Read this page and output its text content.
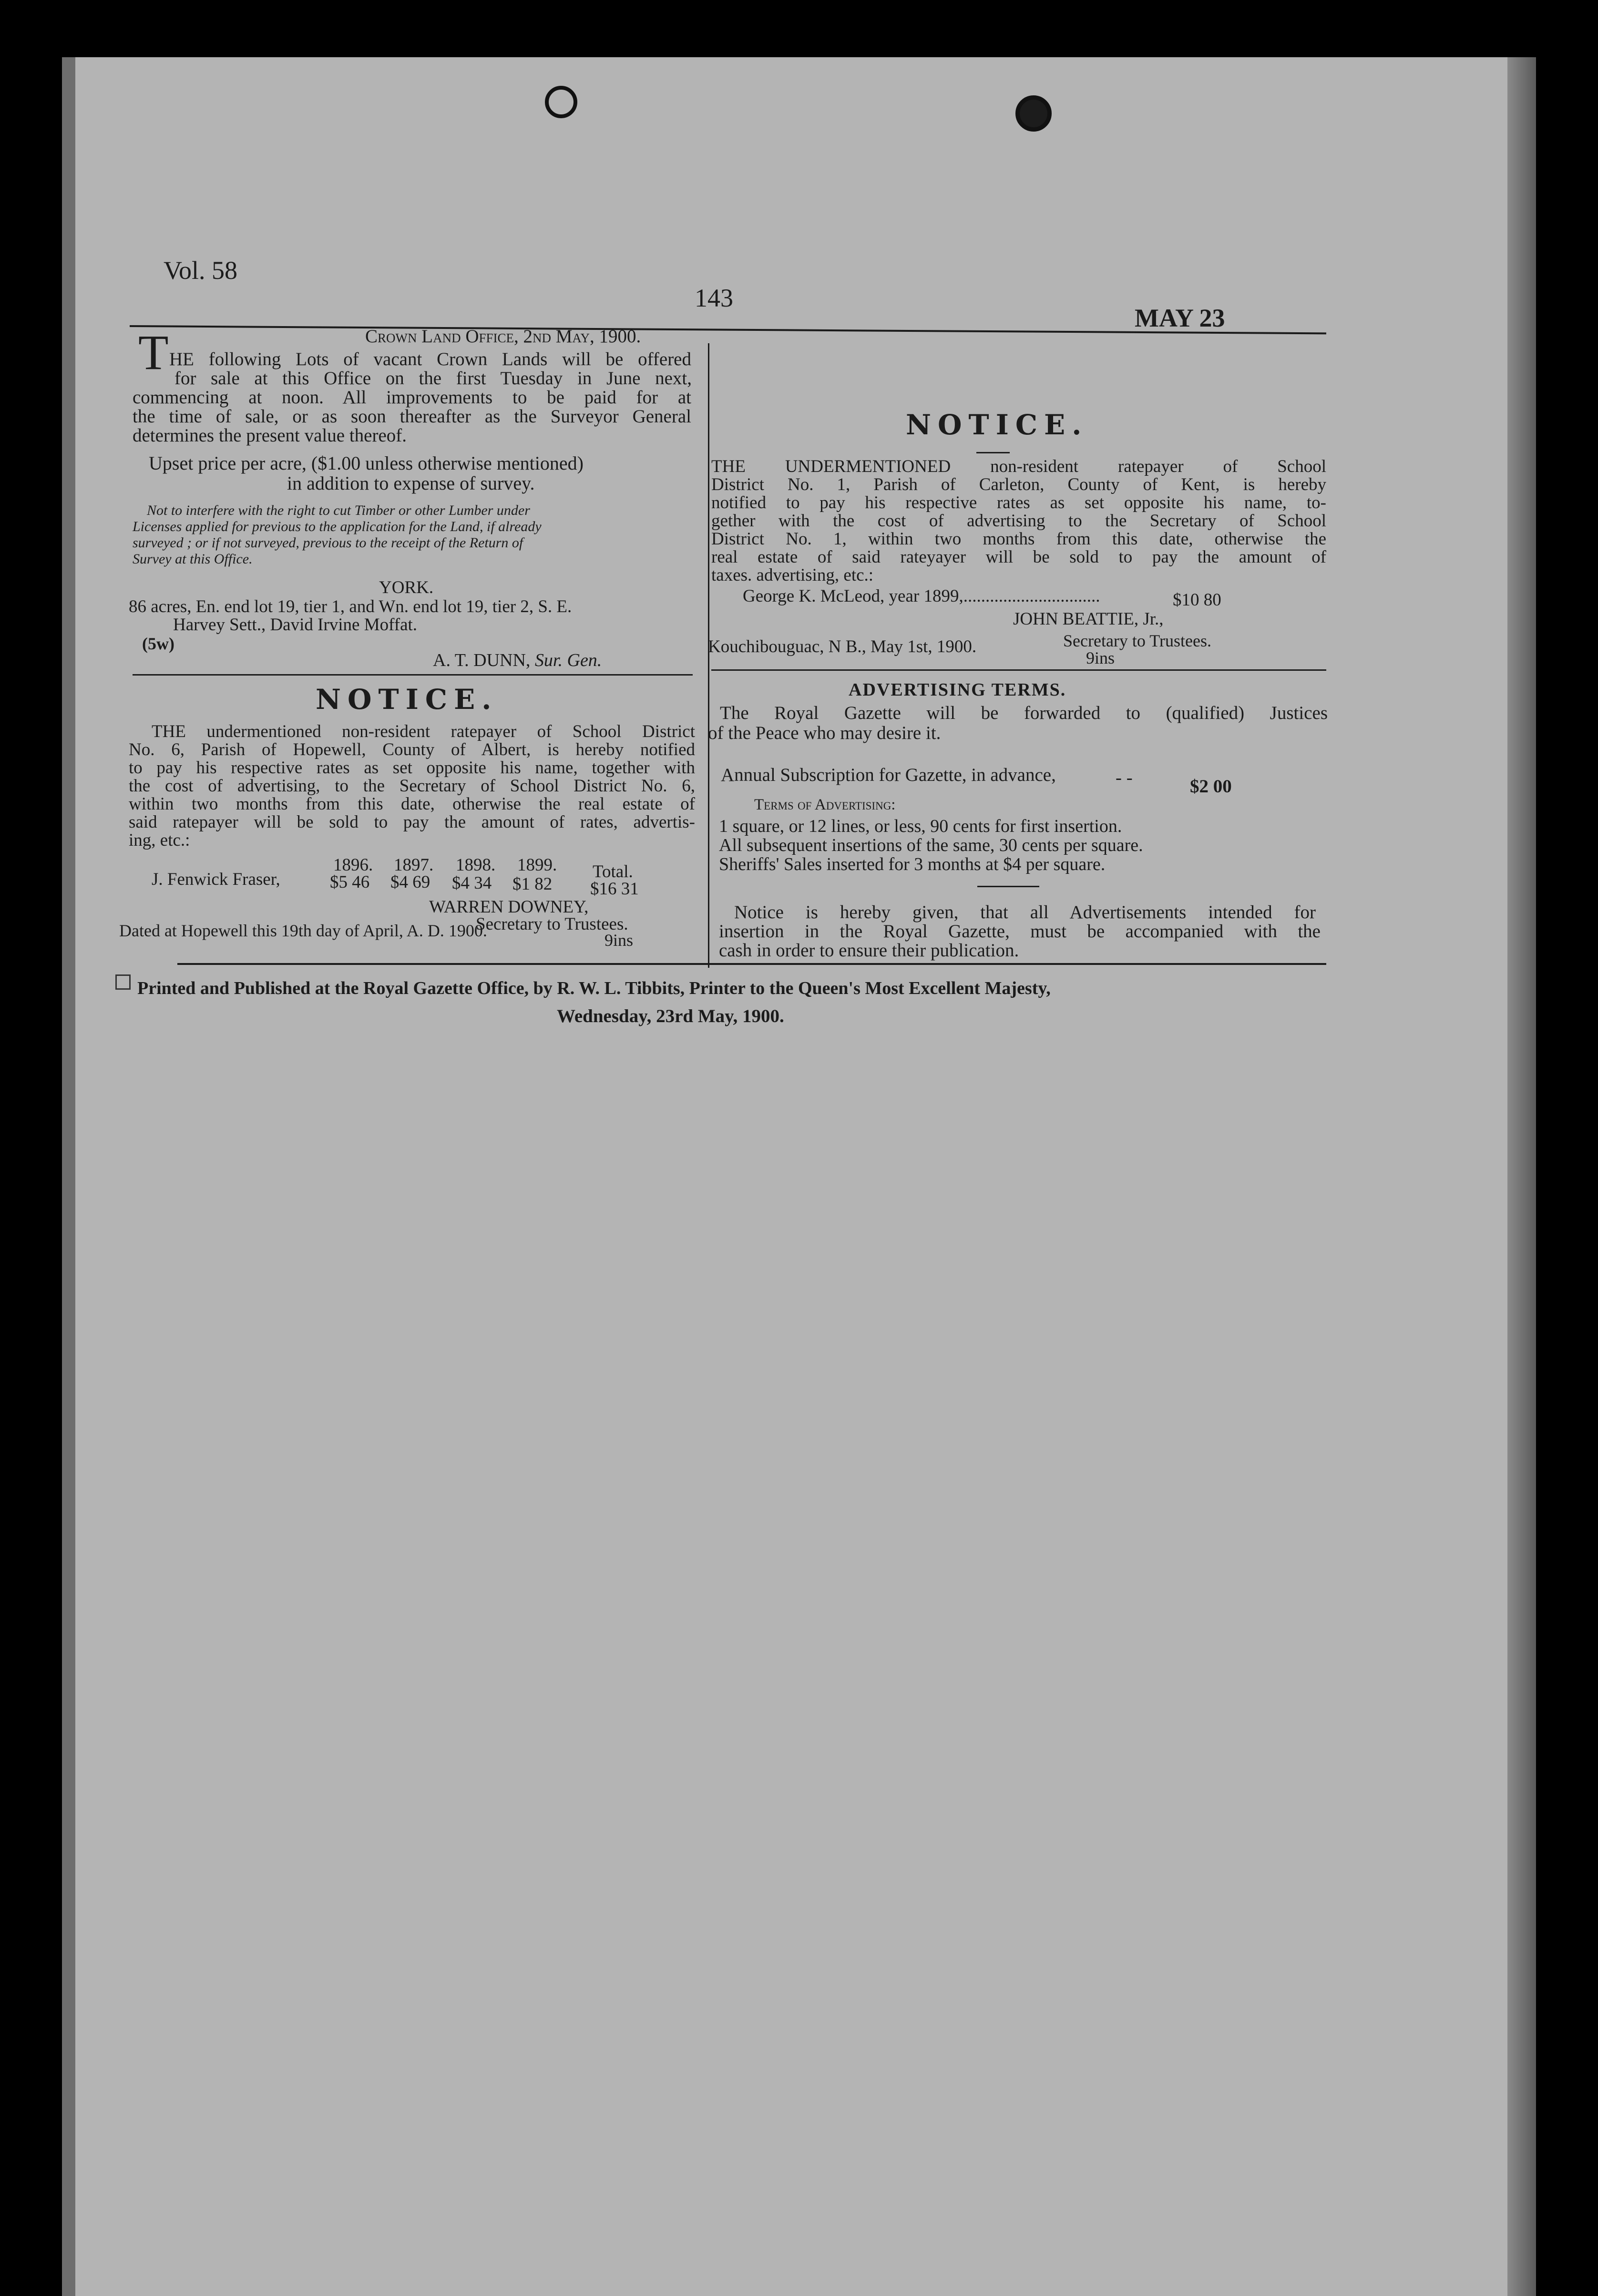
Vol. 58
143
MAY 23
Crown Land Office, 2nd May, 1900.
T HE following Lots of vacant Crown Lands will be offered
for sale at this Office on the first Tuesday in June next,
commencing at noon. All improvements to be paid for at
the time of sale, or as soon thereafter as the Surveyor General
determines the present value thereof.
Upset price per acre, ($1.00 unless otherwise mentioned)
in addition to expense of survey.
Not to interfere with the right to cut Timber or other Lumber under
Licenses applied for previous to the application for the Land, if already
surveyed ; or if not surveyed, previous to the receipt of the Return of
Survey at this Office.
YORK.
86 acres, En. end lot 19, tier 1, and Wn. end lot 19, tier 2, S. E.
Harvey Sett., David Irvine Moffat.
(5w)
A. T. DUNN, Sur. Gen.
NOTICE.
THE undermentioned non-resident ratepayer of School District
No. 6, Parish of Hopewell, County of Albert, is hereby notified
to pay his respective rates as set opposite his name, together with
the cost of advertising, to the Secretary of School District No. 6,
within two months from this date, otherwise the real estate of
said ratepayer will be sold to pay the amount of rates, advertis-
ing, etc.:
1896. 1897. 1898. 1899. Total.
J. Fenwick Fraser,	$5 46 $4 69 $4 34 $1 82 $16 31
WARREN DOWNEY,
Secretary to Trustees.
Dated at Hopewell this 19th day of April, A. D. 1900.	9ins
NOTICE.
THE UNDERMENTIONED non-resident ratepayer of School
District No. 1, Parish of Carleton, County of Kent, is hereby
notified to pay his respective rates as set opposite his name, to-
gether with the cost of advertising to the Secretary of School
District No. 1, within two months from this date, otherwise the
real estate of said rateyayer will be sold to pay the amount of
taxes. advertising, etc.:
George K. McLeod, year 1899,...............................	$10 80
JOHN BEATTIE, Jr.,
Kouchibouguac, N B., May 1st, 1900.	Secretary to Trustees.
9ins
ADVERTISING TERMS.
The Royal Gazette will be forwarded to (qualified) Justices
of the Peace who may desire it.
Annual Subscription for Gazette, in advance,	- -	$2 00
Terms of Advertising:
1 square, or 12 lines, or less, 90 cents for first insertion.
All subsequent insertions of the same, 30 cents per square.
Sheriffs' Sales inserted for 3 months at $4 per square.
Notice is hereby given, that all Advertisements intended for
insertion in the Royal Gazette, must be accompanied with the
cash in order to ensure their publication.
Printed and Published at the Royal Gazette Office, by R. W. L. Tibbits, Printer to the Queen's Most Excellent Majesty,
Wednesday, 23rd May, 1900.
